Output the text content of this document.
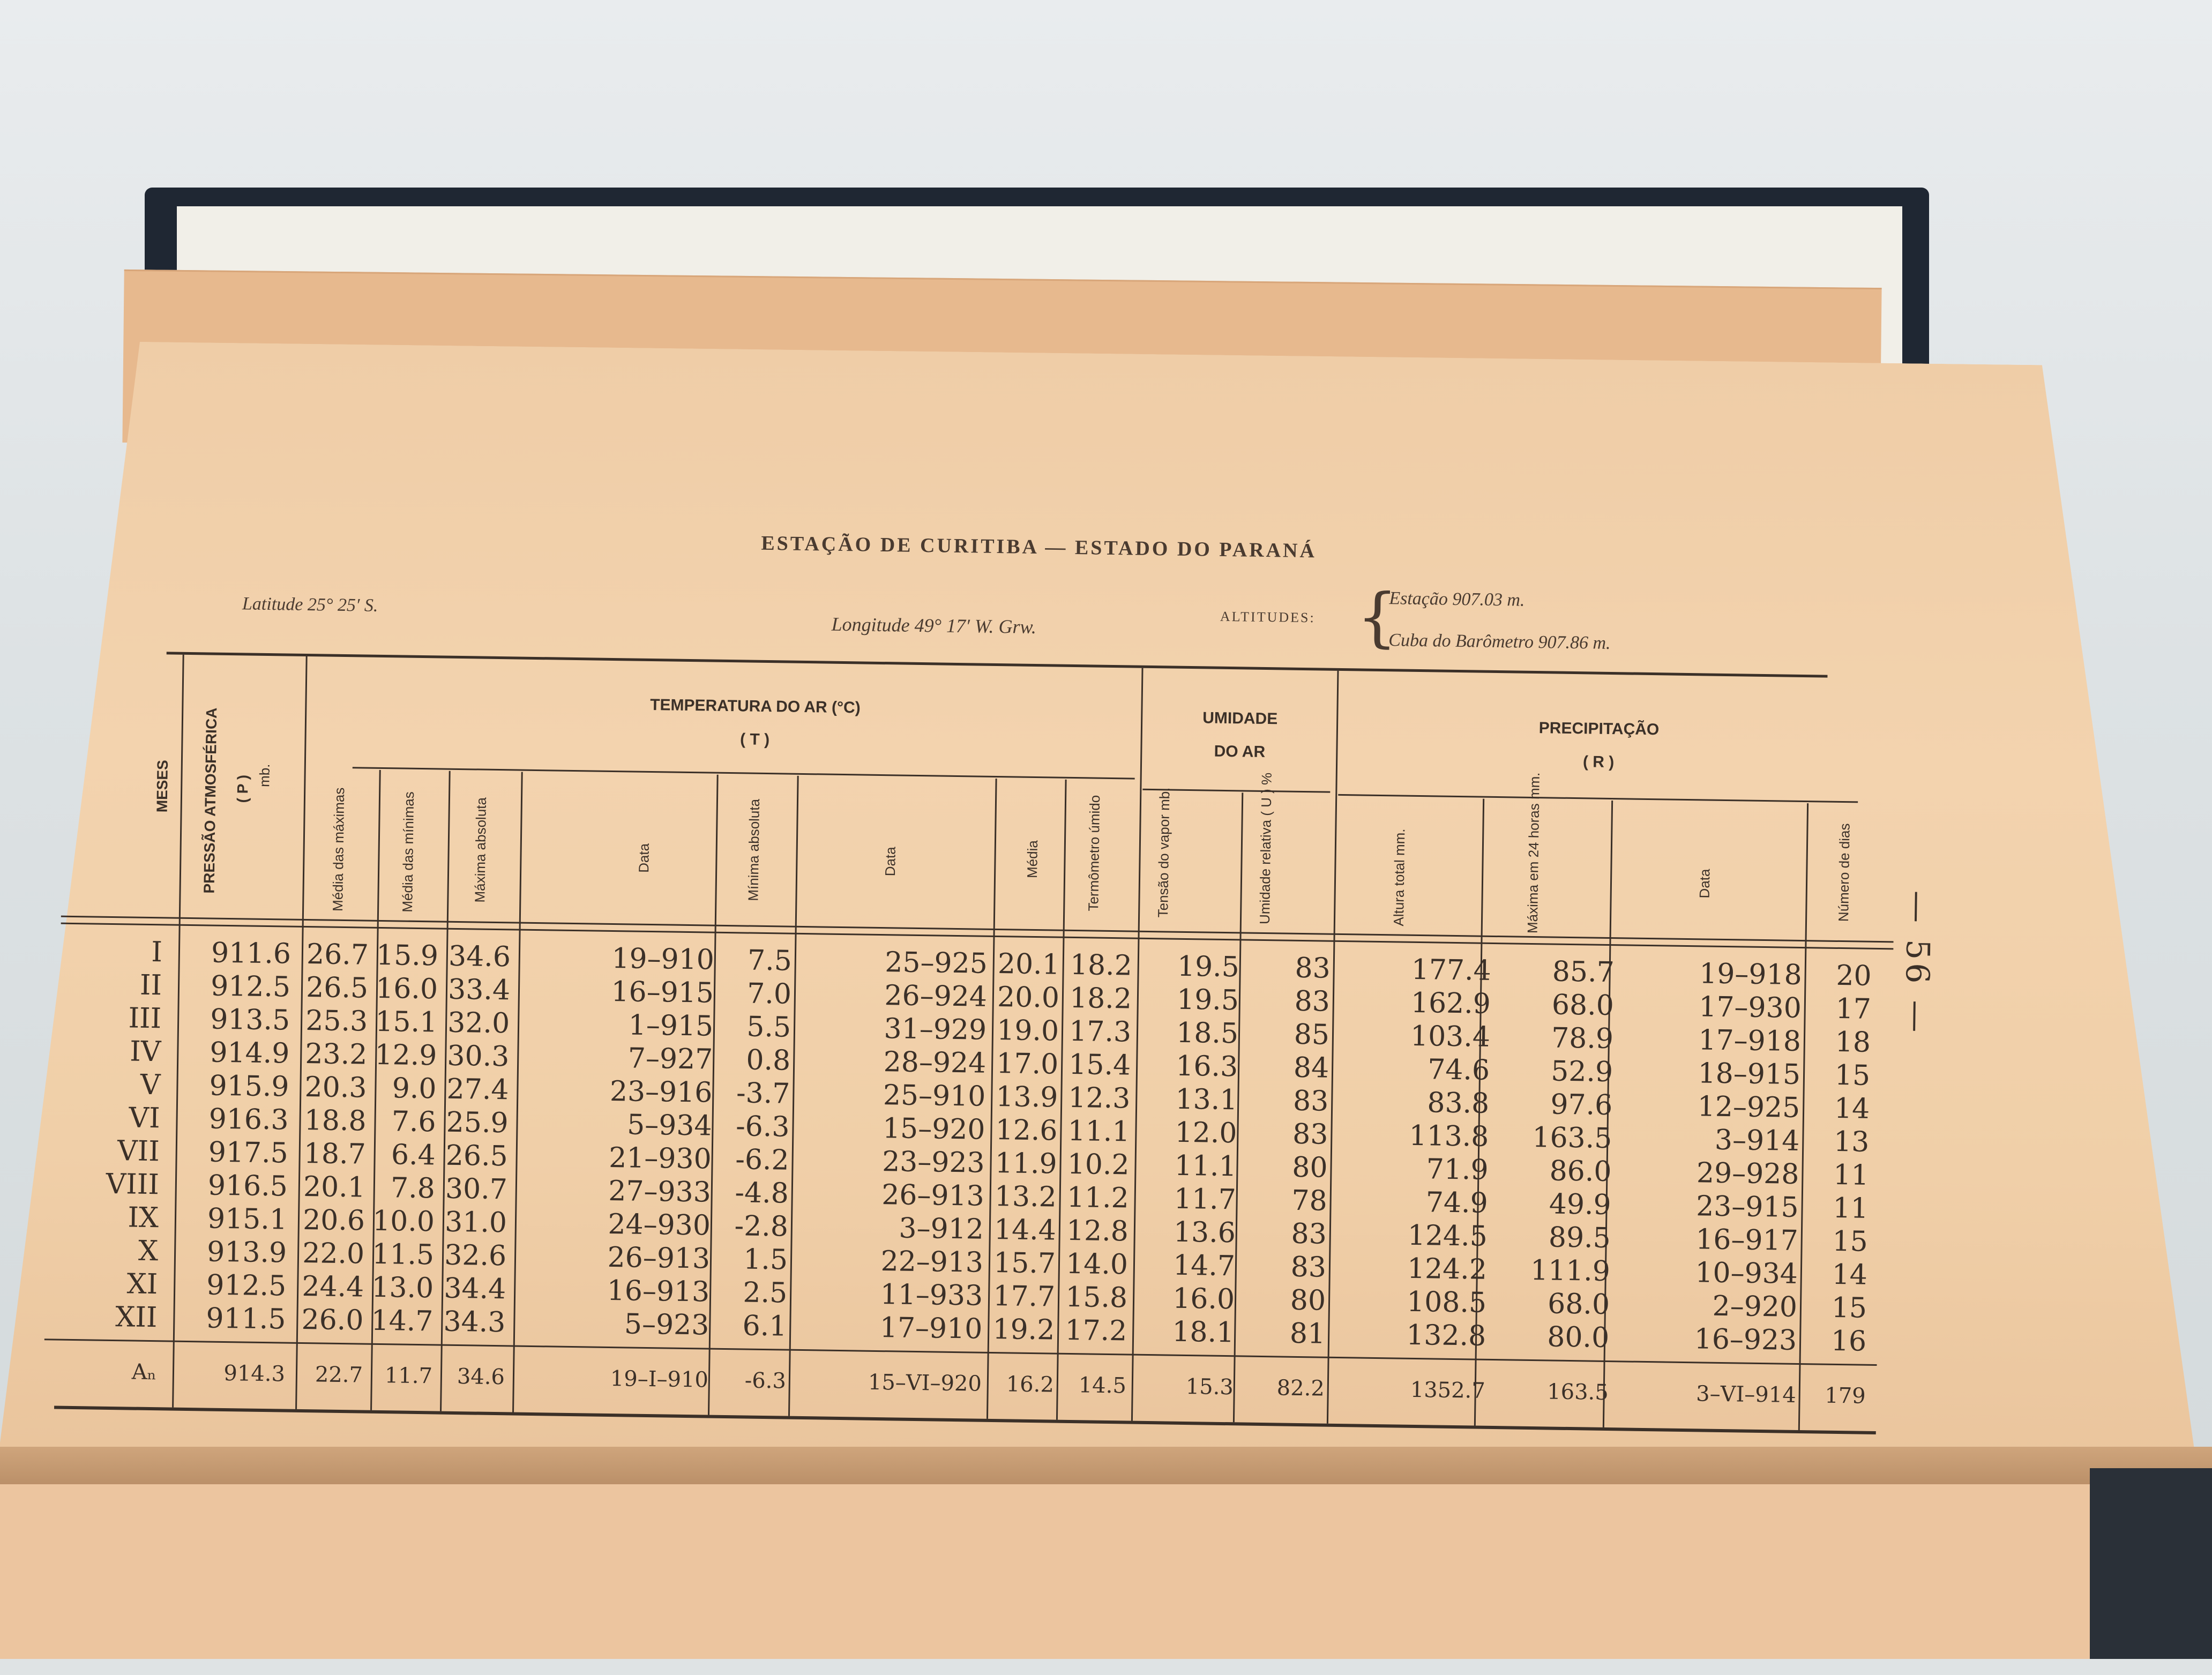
ESTAÇÃO DE CURITIBA — ESTADO DO PARANÁ
Latitude 25° 25′ S.
Longitude 49° 17′ W. Grw.	ALTITUDES: {
Estação 907.03 m.
Cuba do Barômetro 907.86 m.
MESES PRESSÃO ATMOSFÉRICA ( P ) mb.
TEMPERATURA DO AR (°C)
( T )
UMIDADE
DO AR
PRECIPITAÇÃO
( R )
Média das máximas	Média das mínimas	Máxima absoluta	Data	Mínima absoluta	Data	Média	Termômetro úmido	Tensão do vapor mb.	Umidade relativa ( U ) %	Altura total mm.	Máxima em 24 horas mm.	Data	Número de dias
I	911.6 26.7 15.9 34.6	19–910	7.5	25–925 20.1 18.2	19.5	83	177.4	85.7	19–918	20
II	912.5 26.5 16.0 33.4	16–915	7.0	26–924 20.0 18.2	19.5	83	162.9	68.0	17–930	17
III	913.5 25.3 15.1 32.0	1–915	5.5	31–929 19.0 17.3	18.5	85	103.4	78.9	17–918	18
IV	914.9 23.2 12.9 30.3	7–927	0.8	28–924 17.0 15.4	16.3	84	74.6	52.9	18–915	15
V	915.9 20.3 9.0 27.4	23–916 -3.7	25–910 13.9 12.3	13.1	83	83.8	97.6	12–925	14
VI	916.3 18.8 7.6 25.9	5–934 -6.3	15–920 12.6 11.1	12.0	83	113.8	163.5	3–914	13
VII	917.5 18.7 6.4 26.5	21–930 -6.2	23–923 11.9 10.2	11.1	80	71.9	86.0	29–928	11
VIII	916.5 20.1 7.8 30.7	27–933 -4.8	26–913 13.2 11.2	11.7	78	74.9	49.9	23–915	11
IX	915.1 20.6 10.0 31.0	24–930 -2.8	3–912 14.4 12.8	13.6	83	124.5	89.5	16–917	15
X	913.9 22.0 11.5 32.6	26–913	1.5	22–913 15.7 14.0	14.7	83	124.2	111.9	10–934	14
XI	912.5 24.4 13.0 34.4	16–913	2.5	11–933 17.7 15.8	16.0	80	108.5	68.0	2–920	15
XII	911.5 26.0 14.7 34.3	5–923	6.1	17–910 19.2 17.2	18.1	81	132.8	80.0	16–923	16
Aₙ	914.3	22.7	11.7	34.6	19–I–910	-6.3	15–VI–920	16.2	14.5	15.3	82.2	1352.7	163.5	3–VI–914	179
— 56 —
